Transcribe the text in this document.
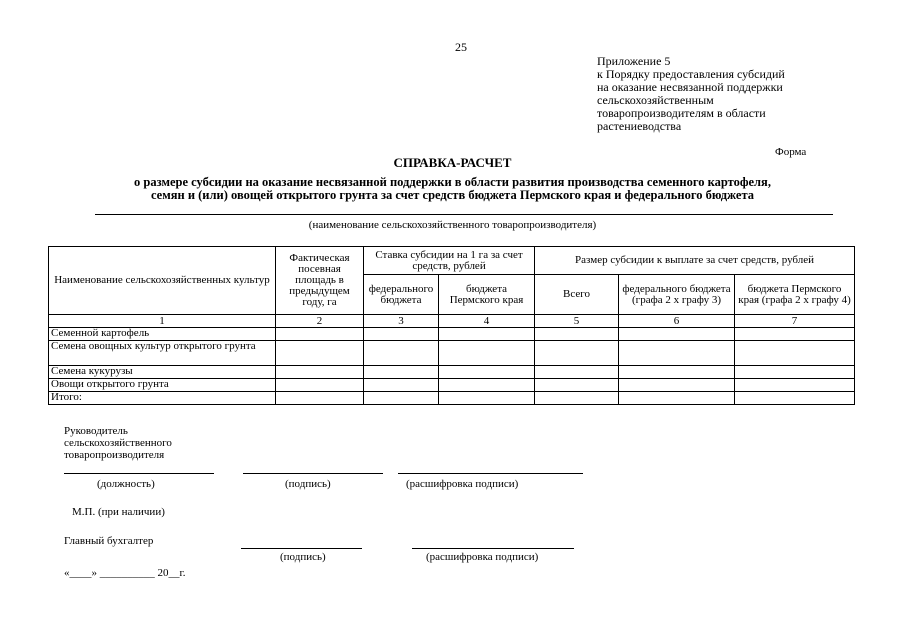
25
Приложение 5
к Порядку предоставления субсидий
на оказание несвязанной поддержки
сельскохозяйственным
товаропроизводителям в области
растениеводства
Форма
СПРАВКА-РАСЧЕТ
о размере субсидии на оказание несвязанной поддержки в области развития производства семенного картофеля,
семян и (или) овощей открытого грунта за счет средств бюджета Пермского края и федерального бюджета
(наименование сельскохозяйственного товаропроизводителя)
Наименование сельскохозяйственных культур	Фактическая посевная площадь в предыдущем году, га	Ставка субсидии на 1 га за счет средств, рублей		Размер субсидии к выплате за счет средств, рублей		
		федерального бюджета	бюджета Пермского края	Всего	федерального бюджета (графа 2 x графу 3)	бюджета Пермского края (графа 2 x графу 4)
1	2	3	4	5	6	7
Семенной картофель						
Семена овощных культур открытого грунта						
Семена кукурузы						
Овощи открытого грунта						
Итого:						
Руководитель
сельскохозяйственного
товаропроизводителя
(должность)	(подпись)	(расшифровка подписи)
М.П. (при наличии)
Главный бухгалтер
(подпись)	(расшифровка подписи)
«____» __________ 20__г.
